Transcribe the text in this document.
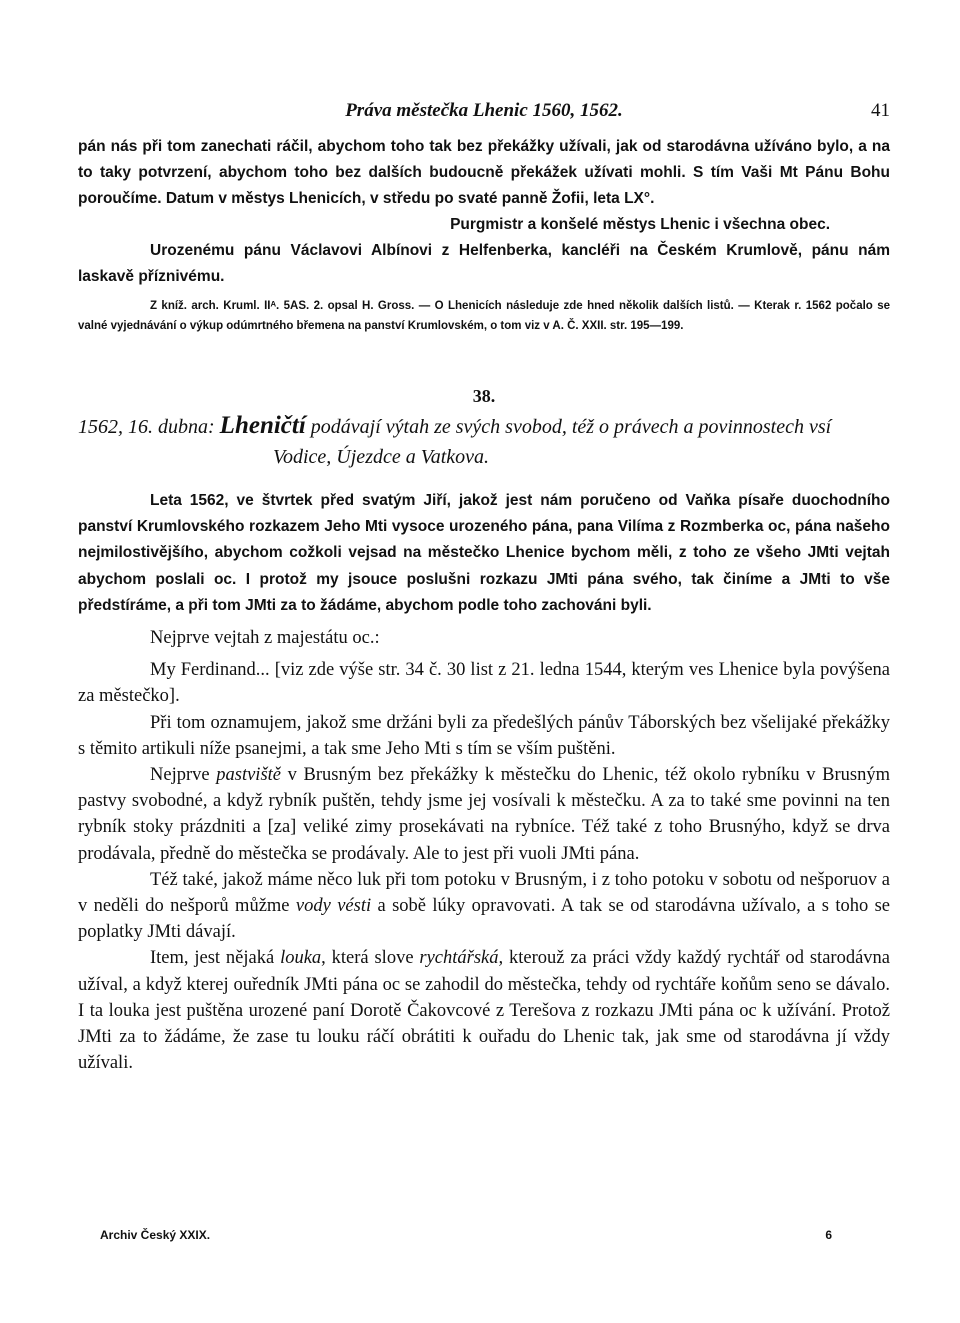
Práva městečka Lhenic 1560, 1562.	41

pán nás při tom zanechati ráčil, abychom toho tak bez překážky užívali, jak od starodávna užíváno bylo, a na to taky potvrzení, abychom toho bez dalších budoucně překážek užívati mohli. S tím Vaši Mt Pánu Bohu poroučíme. Datum v městys Lhenicích, v středu po svaté panně Žofii, leta LX°.
Purgmistr a konšelé městys Lhenic i všechna obec.

Urozenému pánu Václavovi Albínovi z Helfenberka, kancléři na Českém Krumlově, pánu nám laskavě příznivému.

Z kníž. arch. Kruml. IIᴬ. 5AS. 2. opsal H. Gross. — O Lhenicích následuje zde hned několik dalších listů. — Kterak r. 1562 počalo se valné vyjednávání o výkup odúmrtného břemena na panství Krumlovském, o tom viz v A. Č. XXII. str. 195—199.

38.
1562, 16. dubna: Lheničtí podávají výtah ze svých svobod, též o právech a povinnostech vsí Vodice, Újezdce a Vatkova.

Leta 1562, ve štvrtek před svatým Jiří, jakož jest nám poručeno od Vaňka písaře duochodního panství Krumlovského rozkazem Jeho Mti vysoce urozeného pána, pana Vilíma z Rozmberka oc, pána našeho nejmilostivějšího, abychom cožkoli vejsad na městečko Lhenice bychom měli, z toho ze všeho JMti vejtah abychom poslali oc. I protož my jsouce poslušni rozkazu JMti pána svého, tak činíme a JMti to vše předstíráme, a při tom JMti za to žádáme, abychom podle toho zachováni byli.

Nejprve vejtah z majestátu oc.:

My Ferdinand... [viz zde výše str. 34 č. 30 list z 21. ledna 1544, kterým ves Lhenice byla povýšena za městečko].

Při tom oznamujem, jakož sme držáni byli za předešlých pánův Táborských bez všelijaké překážky s těmito artikuli níže psanejmi, a tak sme Jeho Mti s tím se vším puštěni.

Nejprve pastviště v Brusným bez překážky k městečku do Lhenic, též okolo rybníku v Brusným pastvy svobodné, a když rybník puštěn, tehdy jsme jej vosívali k městečku. A za to také sme povinni na ten rybník stoky prázdniti a [za] veliké zimy prosekávati na rybníce. Též také z toho Brusnýho, když se drva prodávala, předně do městečka se prodávaly. Ale to jest při vuoli JMti pána.

Též také, jakož máme něco luk při tom potoku v Brusným, i z toho potoku v sobotu od nešporuov a v neděli do nešporů můžme vody vésti a sobě lúky opravovati. A tak se od starodávna užívalo, a s toho se poplatky JMti dávají.

Item, jest nějaká louka, která slove rychtářská, kterouž za práci vždy každý rychtář od starodávna užíval, a když kterej ouředník JMti pána oc se zahodil do městečka, tehdy od rychtáře koňům seno se dávalo. I ta louka jest puštěna urozené paní Dorotě Čakovcové z Terešova z rozkazu JMti pána oc k užívání. Protož JMti za to žádáme, že zase tu louku ráčí obrátiti k ouřadu do Lhenic tak, jak sme od starodávna jí vždy užívali.

Archiv Český XXIX.	6
